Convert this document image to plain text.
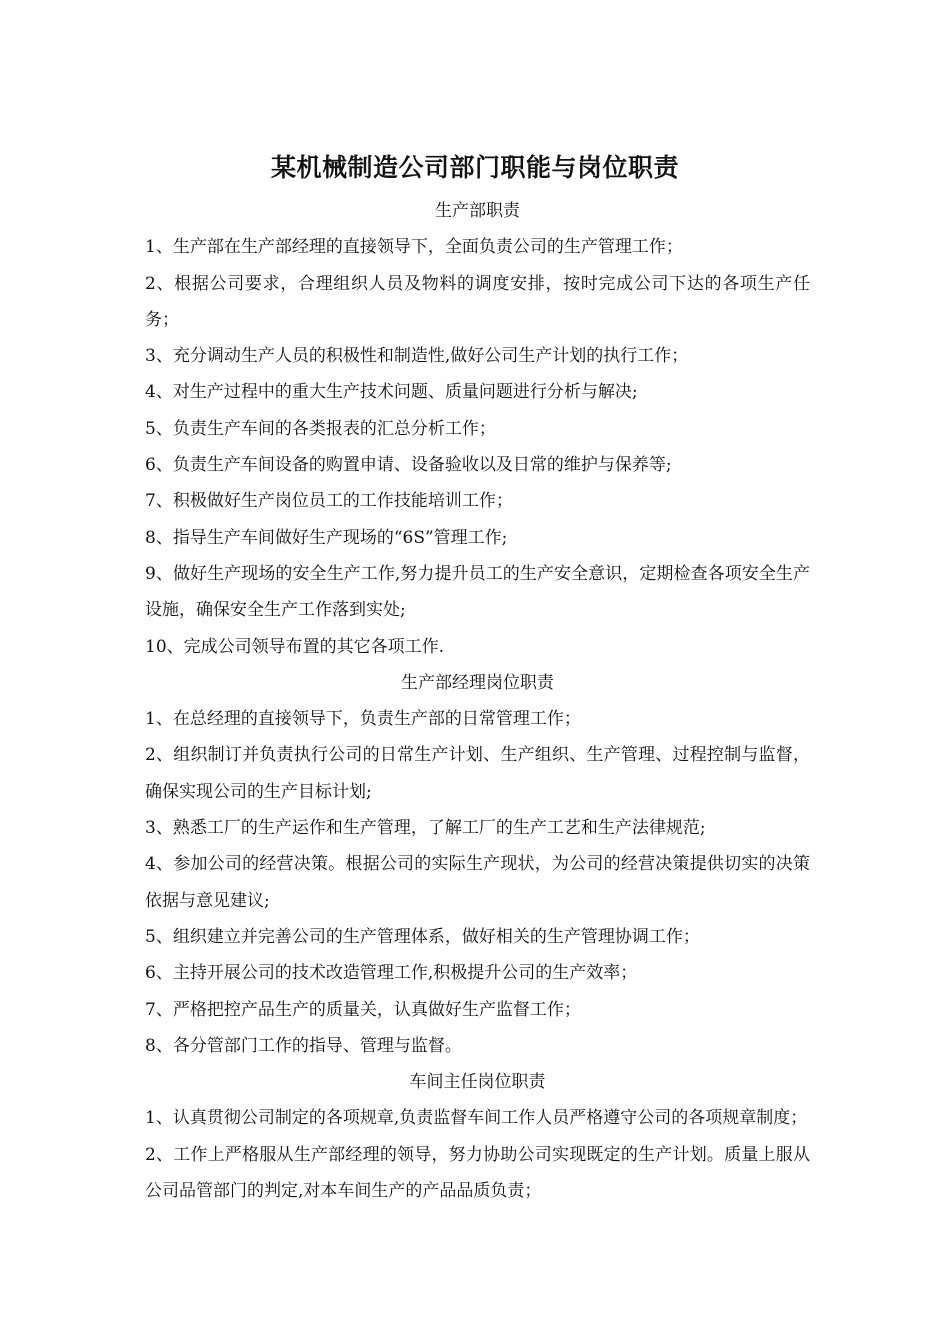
某机械制造公司部门职能与岗位职责

生产部职责

1、生产部在生产部经理的直接领导下，全面负责公司的生产管理工作；

2、根据公司要求，合理组织人员及物料的调度安排，按时完成公司下达的各项生产任务；

3、充分调动生产人员的积极性和制造性,做好公司生产计划的执行工作；

4、对生产过程中的重大生产技术问题、质量问题进行分析与解决;

5、负责生产车间的各类报表的汇总分析工作；

6、负责生产车间设备的购置申请、设备验收以及日常的维护与保养等;

7、积极做好生产岗位员工的工作技能培训工作；

8、指导生产车间做好生产现场的“6S”管理工作;

9、做好生产现场的安全生产工作,努力提升员工的生产安全意识，定期检查各项安全生产设施，确保安全生产工作落到实处;

10、完成公司领导布置的其它各项工作.

生产部经理岗位职责

1、在总经理的直接领导下，负责生产部的日常管理工作；

2、组织制订并负责执行公司的日常生产计划、生产组织、生产管理、过程控制与监督，确保实现公司的生产目标计划;

3、熟悉工厂的生产运作和生产管理，了解工厂的生产工艺和生产法律规范;

4、参加公司的经营决策。根据公司的实际生产现状，为公司的经营决策提供切实的决策依据与意见建议;

5、组织建立并完善公司的生产管理体系，做好相关的生产管理协调工作；

6、主持开展公司的技术改造管理工作,积极提升公司的生产效率；

7、严格把控产品生产的质量关，认真做好生产监督工作；

8、各分管部门工作的指导、管理与监督。

车间主任岗位职责

1、认真贯彻公司制定的各项规章,负责监督车间工作人员严格遵守公司的各项规章制度；

2、工作上严格服从生产部经理的领导，努力协助公司实现既定的生产计划。质量上服从公司品管部门的判定,对本车间生产的产品品质负责；
